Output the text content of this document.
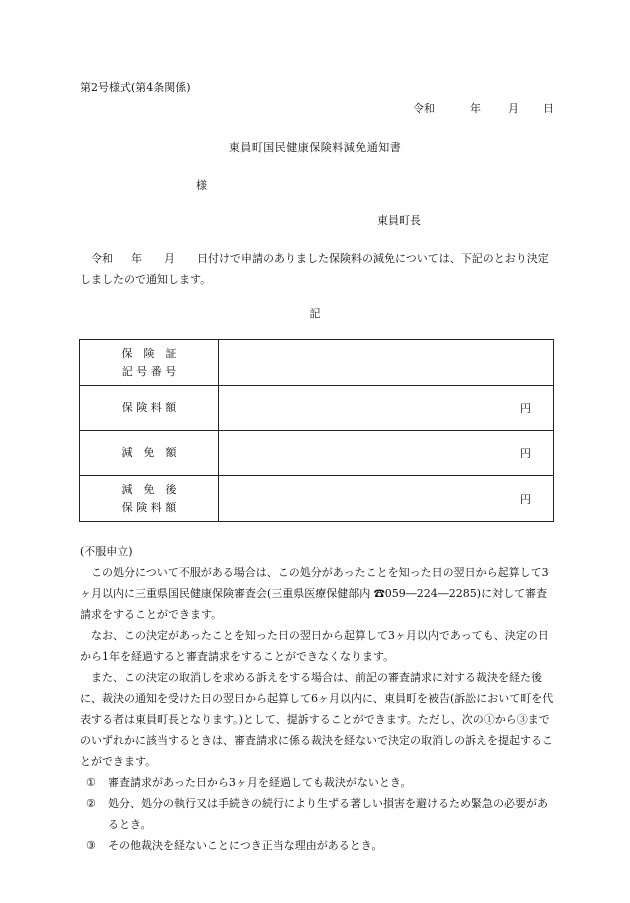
第2号様式(第4条関係)
令和	年 月 日
東員町国民健康保険料減免通知書
様
東員町長
令和 年 月 日付けで申請のありました保険料の減免については、下記のとおり決定しましたので通知します。
記
保　険　証
記 号 番 号	

保 険 料 額	円

減　免　額	円

減　免　後
保 険 料 額	円

(不服申立)

この処分について不服がある場合は、この処分があったことを知った日の翌日から起算して3ヶ月以内に三重県国民健康保険審査会(三重県医療保健部内 ☎059―224―2285)に対して審査請求をすることができます。

なお、この決定があったことを知った日の翌日から起算して3ヶ月以内であっても、決定の日から1年を経過すると審査請求をすることができなくなります。

また、この決定の取消しを求める訴えをする場合は、前記の審査請求に対する裁決を経た後に、裁決の通知を受けた日の翌日から起算して6ヶ月以内に、東員町を被告(訴訟において町を代表する者は東員町長となります。)として、提訴することができます。ただし、次の①から③までのいずれかに該当するときは、審査請求に係る裁決を経ないで決定の取消しの訴えを提起することができます。

① 審査請求があった日から3ヶ月を経過しても裁決がないとき。

② 処分、処分の執行又は手続きの続行により生ずる著しい損害を避けるため緊急の必要があるとき。

③ その他裁決を経ないことにつき正当な理由があるとき。
